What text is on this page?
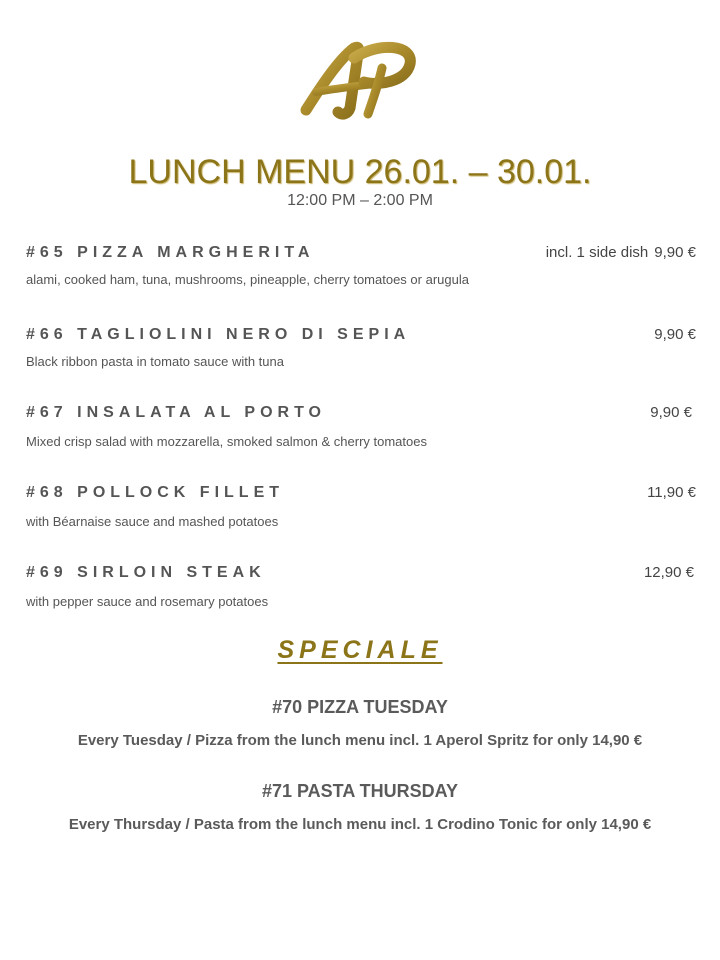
LUNCH MENU 26.01. – 30.01.
12:00 PM – 2:00 PM
#65 PIZZA MARGHERITA	incl. 1 side dish 9,90 €
alami, cooked ham, tuna, mushrooms, pineapple, cherry tomatoes or arugula
#66 TAGLIOLINI NERO DI SEPIA	9,90 €
Black ribbon pasta in tomato sauce with tuna
#67 INSALATA AL PORTO	9,90 €
Mixed crisp salad with mozzarella, smoked salmon & cherry tomatoes
#68 POLLOCK FILLET	11,90 €
with Béarnaise sauce and mashed potatoes
#69 SIRLOIN STEAK	12,90 €
with pepper sauce and rosemary potatoes
SPECIALE
#70 PIZZA TUESDAY
Every Tuesday / Pizza from the lunch menu incl. 1 Aperol Spritz for only 14,90 €
#71 PASTA THURSDAY
Every Thursday / Pasta from the lunch menu incl. 1 Crodino Tonic for only 14,90 €
